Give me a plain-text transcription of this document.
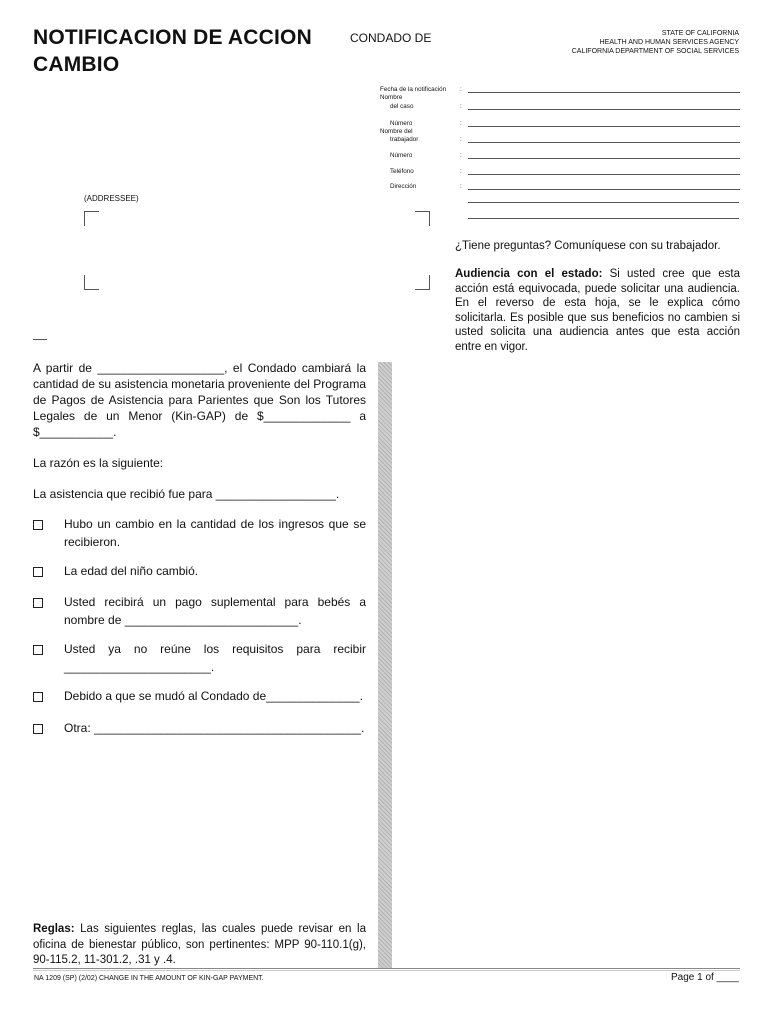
NOTIFICACION DE ACCION
CAMBIO
CONDADO DE	STATE OF CALIFORNIA
HEALTH AND HUMAN SERVICES AGENCY
CALIFORNIA DEPARTMENT OF SOCIAL SERVICES
Fecha de la notificación :
Nombre
del caso	:
Número	:
Nombre del
trabajador	:
Número	:
Teléfono	:
Dirección	:
(ADDRESSEE)
¿Tiene preguntas? Comuníquese con su trabajador.
Audiencia con el estado: Si usted cree que esta acción está equivocada, puede solicitar una audiencia. En el reverso de esta hoja, se le explica cómo solicitarla. Es posible que sus beneficios no cambien si usted solicita una audiencia antes que esta acción entre en vigor.
A partir de ___________________, el Condado cambiará la cantidad de su asistencia monetaria proveniente del Programa de Pagos de Asistencia para Parientes que Son los Tutores Legales de un Menor (Kin-GAP) de $_____________ a $___________.
La razón es la siguiente:
La asistencia que recibió fue para __________________.
Hubo un cambio en la cantidad de los ingresos que se recibieron.
La edad del niño cambió.
Usted recibirá un pago suplemental para bebés a nombre de __________________________.
Usted ya no reúne los requisitos para recibir ______________________.
Debido a que se mudó al Condado de______________.
Otra: ________________________________________.
Reglas: Las siguientes reglas, las cuales puede revisar en la oficina de bienestar público, son pertinentes: MPP 90-110.1(g), 90-115.2, 11-301.2, .31 y .4.
NA 1209 (SP) (2/02) CHANGE IN THE AMOUNT OF KIN-GAP PAYMENT.	Page 1 of ____
